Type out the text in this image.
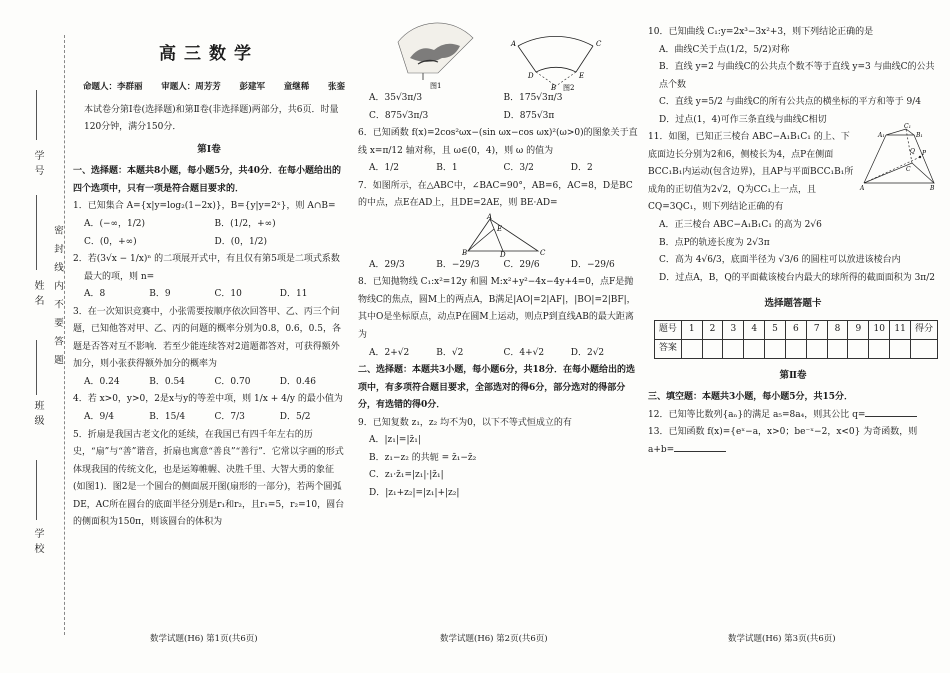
学 号
姓 名
班 级
学 校
密 封 线 内 不 要 答 题
高三数学
命题人：李群丽 审题人：周芳芳 彭建军 童继稀 张銮

本试卷分第Ⅰ卷(选择题)和第Ⅱ卷(非选择题)两部分，共6页．时量120分钟，满分150分．

第Ⅰ卷

一、选择题：本题共8小题，每小题5分，共40分．在每小题给出的四个选项中，只有一项是符合题目要求的．

1．已知集合 A={x|y=log₂(1−2x)}，B={y|y=2ˣ}，则 A∩B=

A．(−∞，1/2)	B．(1/2，+∞)
C．(0，+∞)	D．(0，1/2)

2．若(3√x − 1/x)ⁿ 的二项展开式中，有且仅有第5项是二项式系数

最大的项，则 n=

A．8	B．9	C．10	D．11

3．在一次知识竞赛中，小张需要按顺序依次回答甲、乙、丙三个问题，已知他答对甲、乙、丙的问题的概率分别为0.8，0.6，0.5，各题是否答对互不影响．若至少能连续答对2道题都答对，可获得额外加分，则小张获得额外加分的概率为

A．0.24	B．0.54	C．0.70	D．0.46

4．若 x>0，y>0，2是x与y的等差中项，则 1/x + 4/y 的最小值为

A．9/4	B．15/4	C．7/3	D．5/2

5．折扇是我国古老文化的延续，在我国已有四千年左右的历史，“扇”与“善”谐音，折扇也寓意“善良”“善行”．它常以字画的形式体现我国的传统文化，也是运筹帷幄、决胜千里、大智大勇的象征(如图1)．图2是一个圆台的侧面展开图(扇形的一部分)，若两个圆弧DE，AC所在圆台的底面半径分别是r₁和r₂，且r₁=5，r₂=10，圆台的侧面积为150π，则该圆台的体积为

数学试题(H6) 第1页(共6页)
A
B
C
D	E
图1	图2
A．35√3π/3	B．175√3π/3
C．875√3π/3	D．875√3π

6．已知函数 f(x)=2cos²ωx−(sin ωx−cos ωx)²(ω>0)的图象关于直线 x=π/12 轴对称，且 ω∈(0，4)，则 ω 的值为

A．1/2	B．1	C．3/2	D．2

7．如图所示，在△ABC中，∠BAC=90°，AB=6，AC=8，D是BC的中点，点E在AD上，且DE=2AE，则 BE·AD=

A
B	C
D
E
A．29/3	B．−29/3	C．29/6	D．−29/6

8．已知抛物线 C₁:x²=12y 和圆 M:x²+y²−4x−4y+4=0，点F是抛物线C的焦点，圆M上的两点A，B满足|AO|=2|AF|，|BO|=2|BF|，其中O是坐标原点，动点P在圆M上运动，则点P到直线AB的最大距离为

A．2+√2	B．√2	C．4+√2	D．2√2

二、选择题：本题共3小题，每小题6分，共18分．在每小题给出的选项中，有多项符合题目要求，全部选对的得6分，部分选对的得部分分，有选错的得0分．

9．已知复数 z₁，z₂ 均不为0，以下不等式恒成立的有

A．|z₁|=|z̄₁|

B．z₁−z₂ 的共轭 = z̄₁−z̄₂

C．z₁·z̄₁=|z₁|·|z̄₁|

D．|z₁+z₂|=|z₁|+|z₂|

数学试题(H6) 第2页(共6页)

10．已知曲线 C₁:y=2x³−3x²+3，则下列结论正确的是

A．曲线C关于点(1/2，5/2)对称

B．直线 y=2 与曲线C的公共点个数不等于直线 y=3 与曲线C的公共点个数

C．直线 y=5/2 与曲线C的所有公共点的横坐标的平方和等于 9/4

D．过点(1，4)可作三条直线与曲线C相切

11．如图，已知正三棱台 ABC−A₁B₁C₁ 的上、下底面边长分别为2和6，侧棱长为4，点P在侧面BCC₁B₁内运动(包含边界)，且AP与平面BCC₁B₁所成角的正切值为2√2，Q为CC₁上一点，且 CQ=3QC₁，则下列结论正确的有

A₁	B₁
C₁
A	B
C
P
Q

A．正三棱台 ABC−A₁B₁C₁ 的高为 2√6

B．点P的轨迹长度为 2√3π

C．高为 4√6/3，底面半径为 √3/6 的圆柱可以放进该棱台内

D．过点A，B，Q的平面截该棱台内最大的球所得的截面面积为 3π/2

选择题答题卡
题号	1	2	3	4	5	6	7	8	9	10	11	得分
答案												
第Ⅱ卷

三、填空题：本题共3小题，每小题5分，共15分．

12．已知等比数列{aₙ}的满足 a₅=8a₄，则其公比 q=

13．已知函数 f(x)={eˣ−a，x>0；be⁻ˣ−2，x<0} 为奇函数，则 a+b=

数学试题(H6) 第3页(共6页)
